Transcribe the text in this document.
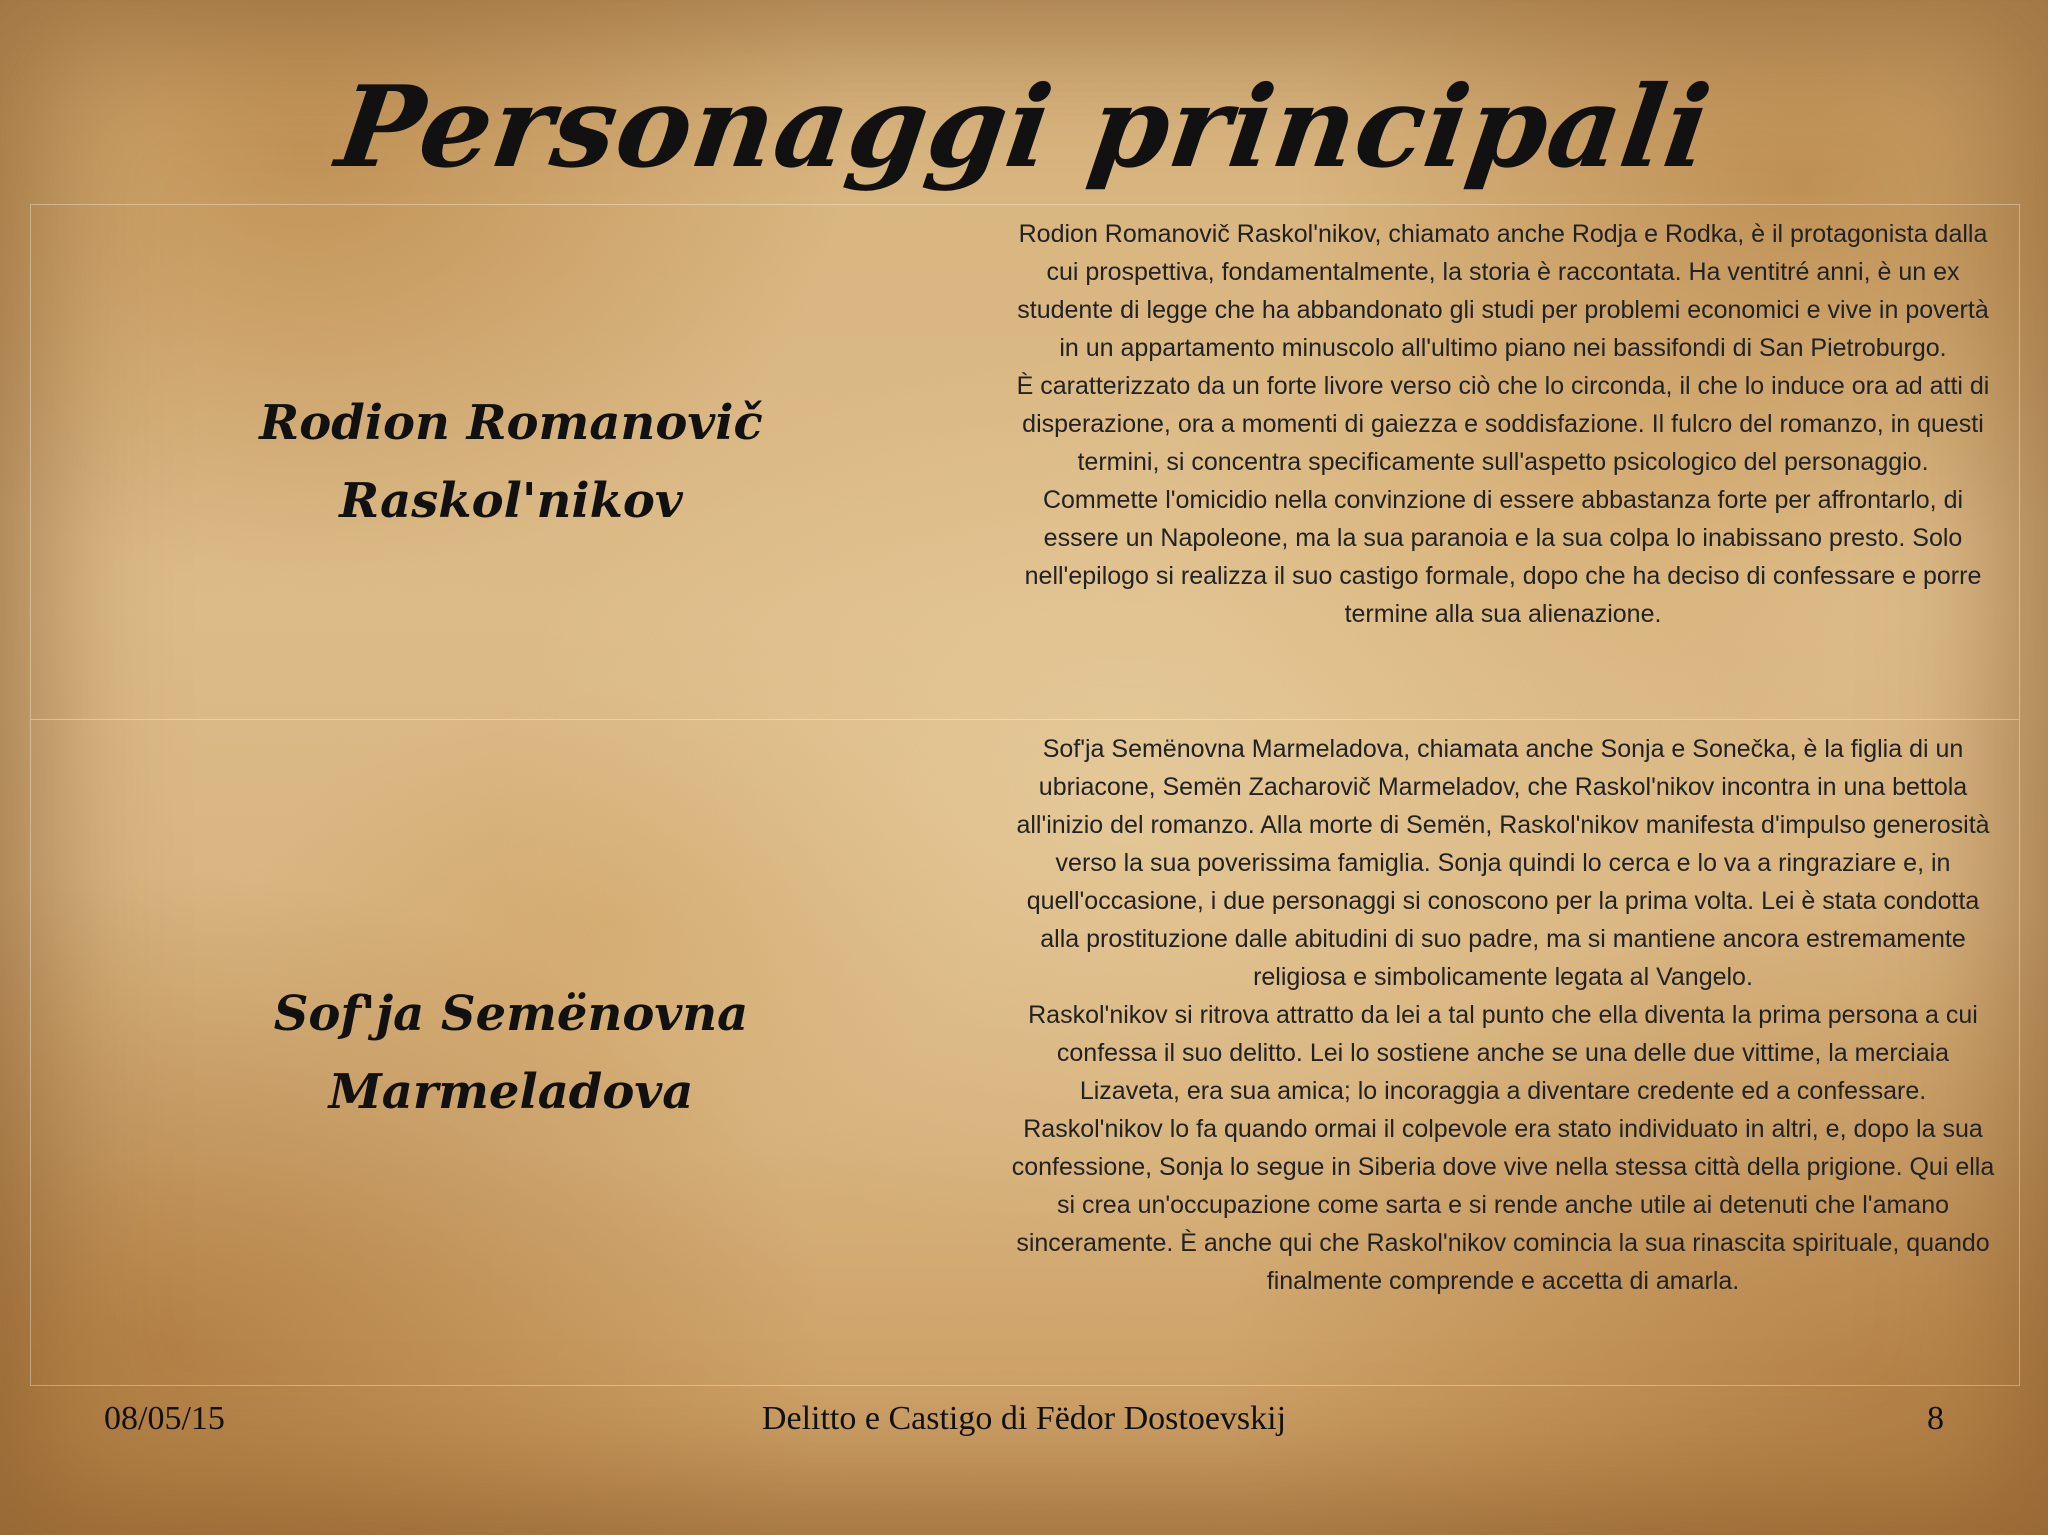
Personaggi principali
Rodion Romanovič
Raskol'nikov

Rodion Romanovič Raskol'nikov, chiamato anche Rodja e Rodka, è il protagonista dalla cui prospettiva, fondamentalmente, la storia è raccontata. Ha ventitré anni, è un ex studente di legge che ha abbandonato gli studi per problemi economici e vive in povertà in un appartamento minuscolo all'ultimo piano nei bassifondi di San Pietroburgo.
È caratterizzato da un forte livore verso ciò che lo circonda, il che lo induce ora ad atti di disperazione, ora a momenti di gaiezza e soddisfazione. Il fulcro del romanzo, in questi termini, si concentra specificamente sull'aspetto psicologico del personaggio.
Commette l'omicidio nella convinzione di essere abbastanza forte per affrontarlo, di essere un Napoleone, ma la sua paranoia e la sua colpa lo inabissano presto. Solo nell'epilogo si realizza il suo castigo formale, dopo che ha deciso di confessare e porre termine alla sua alienazione.

Sof'ja Semënovna
Marmeladova

Sof'ja Semënovna Marmeladova, chiamata anche Sonja e Sonečka, è la figlia di un ubriacone, Semën Zacharovič Marmeladov, che Raskol'nikov incontra in una bettola all'inizio del romanzo. Alla morte di Semën, Raskol'nikov manifesta d'impulso generosità verso la sua poverissima famiglia. Sonja quindi lo cerca e lo va a ringraziare e, in quell'occasione, i due personaggi si conoscono per la prima volta. Lei è stata condotta alla prostituzione dalle abitudini di suo padre, ma si mantiene ancora estremamente religiosa e simbolicamente legata al Vangelo.
Raskol'nikov si ritrova attratto da lei a tal punto che ella diventa la prima persona a cui confessa il suo delitto. Lei lo sostiene anche se una delle due vittime, la merciaia Lizaveta, era sua amica; lo incoraggia a diventare credente ed a confessare. Raskol'nikov lo fa quando ormai il colpevole era stato individuato in altri, e, dopo la sua confessione, Sonja lo segue in Siberia dove vive nella stessa città della prigione. Qui ella si crea un'occupazione come sarta e si rende anche utile ai detenuti che l'amano sinceramente. È anche qui che Raskol'nikov comincia la sua rinascita spirituale, quando finalmente comprende e accetta di amarla.

08/05/15	Delitto e Castigo di Fëdor Dostoevskij	8
